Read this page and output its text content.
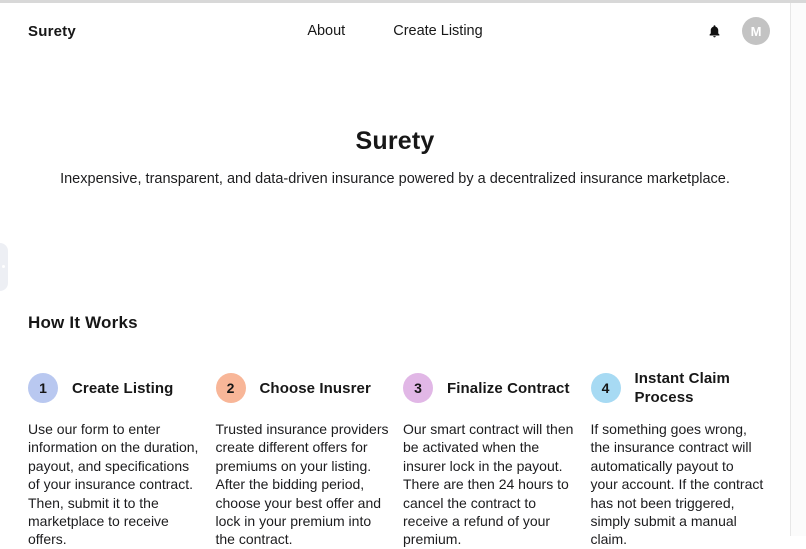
Surety	About	Create Listing	M
Surety
Inexpensive, transparent, and data-driven insurance powered by a decentralized insurance marketplace.
How It Works
1	Create Listing
Use our form to enter information on the duration, payout, and specifications of your insurance contract. Then, submit it to the marketplace to receive offers.
2	Choose Inusrer
Trusted insurance providers create different offers for premiums on your listing. After the bidding period, choose your best offer and lock in your premium into the contract.
3	Finalize Contract
Our smart contract will then be activated when the insurer lock in the payout. There are then 24 hours to cancel the contract to receive a refund of your premium.
4
Instant Claim Process
If something goes wrong, the insurance contract will automatically payout to your account. If the contract has not been triggered, simply submit a manual claim.
